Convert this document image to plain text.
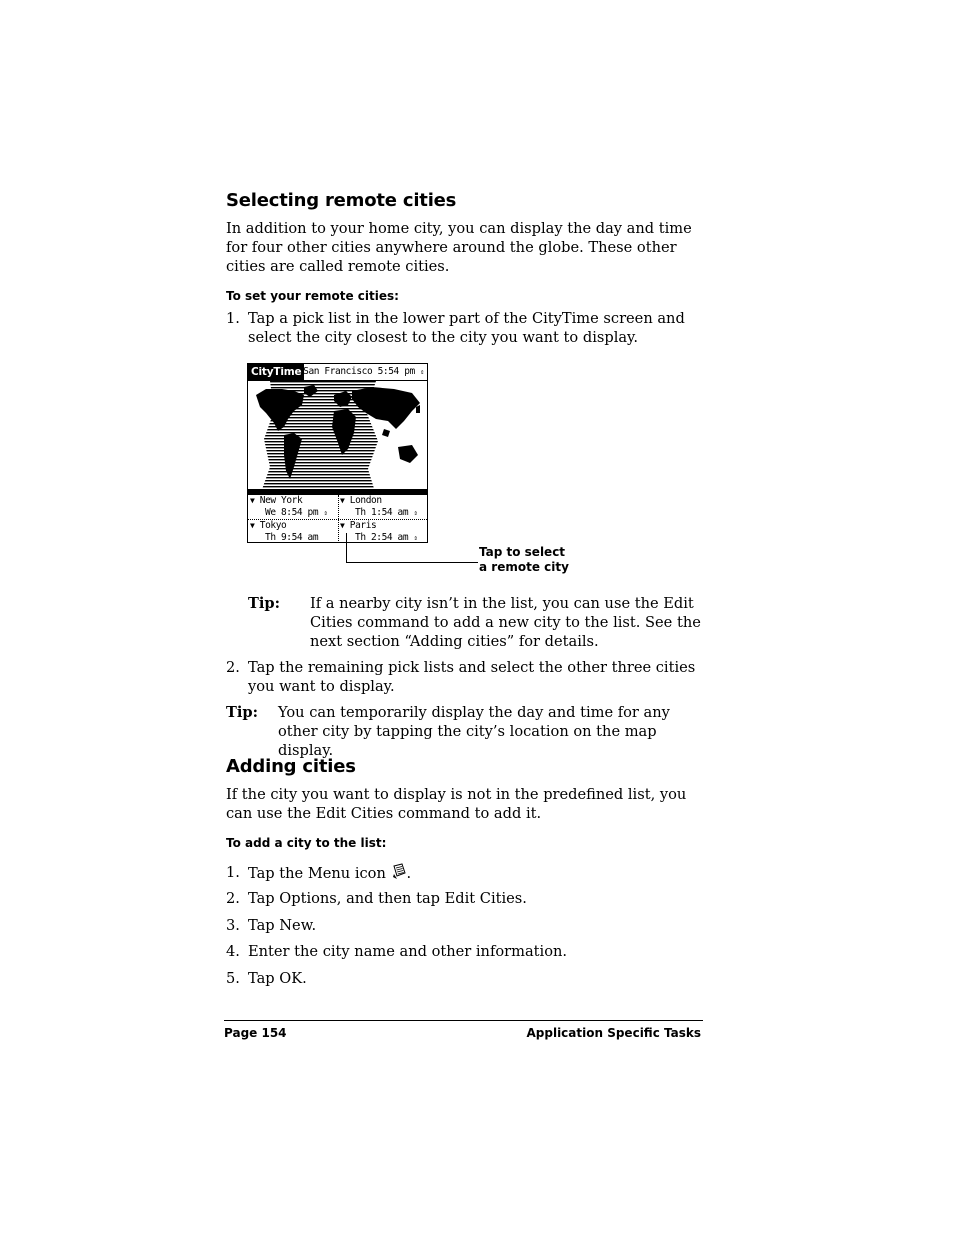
Selecting remote cities
In addition to your home city, you can display the day and time for four other cities anywhere around the globe. These other cities are called remote cities.
To set your remote cities:
1. Tap a pick list in the lower part of the CityTime screen and select the city closest to the city you want to display.
CityTime San Francisco 5:54 pm ⇕
▼ New York
We 8:54 pm ⇕
▼ London
Th 1:54 am ⇕
▼ Tokyo
Th 9:54 am
▼ Paris
Th 2:54 am ⇕
Tap to select
a remote city
Tip: If a nearby city isn’t in the list, you can use the Edit Cities command to add a new city to the list. See the next section “Adding cities” for details.
2. Tap the remaining pick lists and select the other three cities you want to display.
Tip: You can temporarily display the day and time for any other city by tapping the city’s location on the map display.
Adding cities
If the city you want to display is not in the predefined list, you can use the Edit Cities command to add it.
To add a city to the list:
1. Tap the Menu icon .
2. Tap Options, and then tap Edit Cities.
3. Tap New.
4. Enter the city name and other information.
5. Tap OK.
Page 154	Application Specific Tasks
